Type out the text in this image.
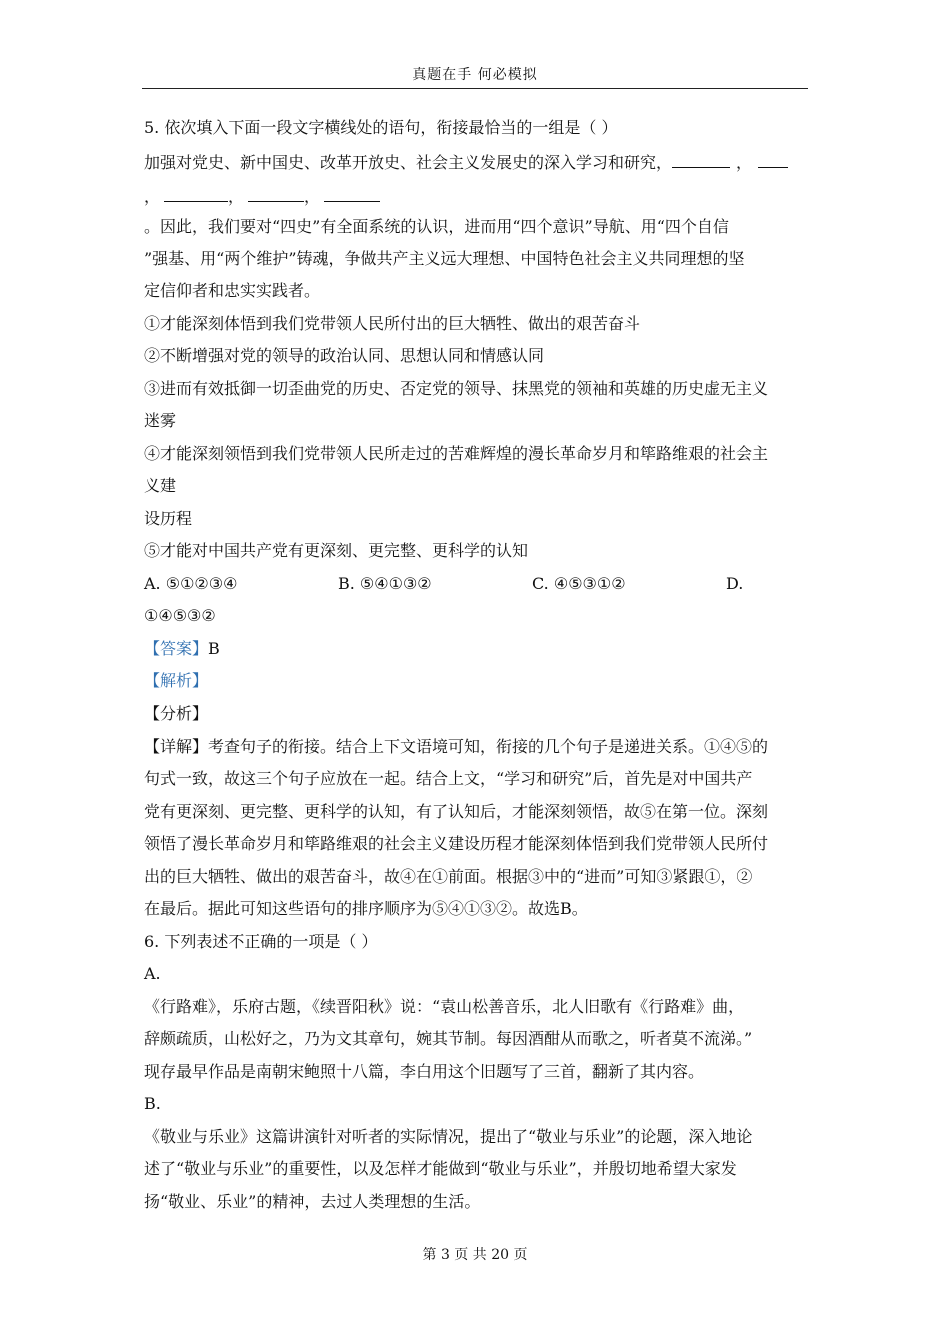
真题在手 何必模拟
5. 依次填入下面一段文字横线处的语句，衔接最恰当的一组是（ ）
加强对党史、新中国史、改革开放史、社会主义发展史的深入学习和研究，	，
，	，	，
。因此，我们要对“四史”有全面系统的认识，进而用“四个意识”导航、用“四个自信
”强基、用“两个维护”铸魂，争做共产主义远大理想、中国特色社会主义共同理想的坚
定信仰者和忠实实践者。
①才能深刻体悟到我们党带领人民所付出的巨大牺牲、做出的艰苦奋斗
②不断增强对党的领导的政治认同、思想认同和情感认同
③进而有效抵御一切歪曲党的历史、否定党的领导、抹黑党的领袖和英雄的历史虚无主义
迷雾
④才能深刻领悟到我们党带领人民所走过的苦难辉煌的漫长革命岁月和筚路维艰的社会主
义建
设历程
⑤才能对中国共产党有更深刻、更完整、更科学的认知
A. ⑤①②③④	B. ⑤④①③②	C. ④⑤③①②	D.
①④⑤③②
【答案】B
【解析】
【分析】
【详解】考查句子的衔接。结合上下文语境可知，衔接的几个句子是递进关系。①④⑤的
句式一致，故这三个句子应放在一起。结合上文，“学习和研究”后，首先是对中国共产
党有更深刻、更完整、更科学的认知，有了认知后，才能深刻领悟，故⑤在第一位。深刻
领悟了漫长革命岁月和筚路维艰的社会主义建设历程才能深刻体悟到我们党带领人民所付
出的巨大牺牲、做出的艰苦奋斗，故④在①前面。根据③中的“进而”可知③紧跟①，②
在最后。据此可知这些语句的排序顺序为⑤④①③②。故选B。
6. 下列表述不正确的一项是（ ）
A.
《行路难》，乐府古题，《续晋阳秋》说：“袁山松善音乐，北人旧歌有《行路难》曲，
辞颇疏质，山松好之，乃为文其章句，婉其节制。每因酒酣从而歌之，听者莫不流涕。”
现存最早作品是南朝宋鲍照十八篇，李白用这个旧题写了三首，翻新了其内容。
B.
《敬业与乐业》这篇讲演针对听者的实际情况，提出了“敬业与乐业”的论题，深入地论
述了“敬业与乐业”的重要性，以及怎样才能做到“敬业与乐业”，并殷切地希望大家发
扬“敬业、乐业”的精神，去过人类理想的生活。
第 3 页 共 20 页
